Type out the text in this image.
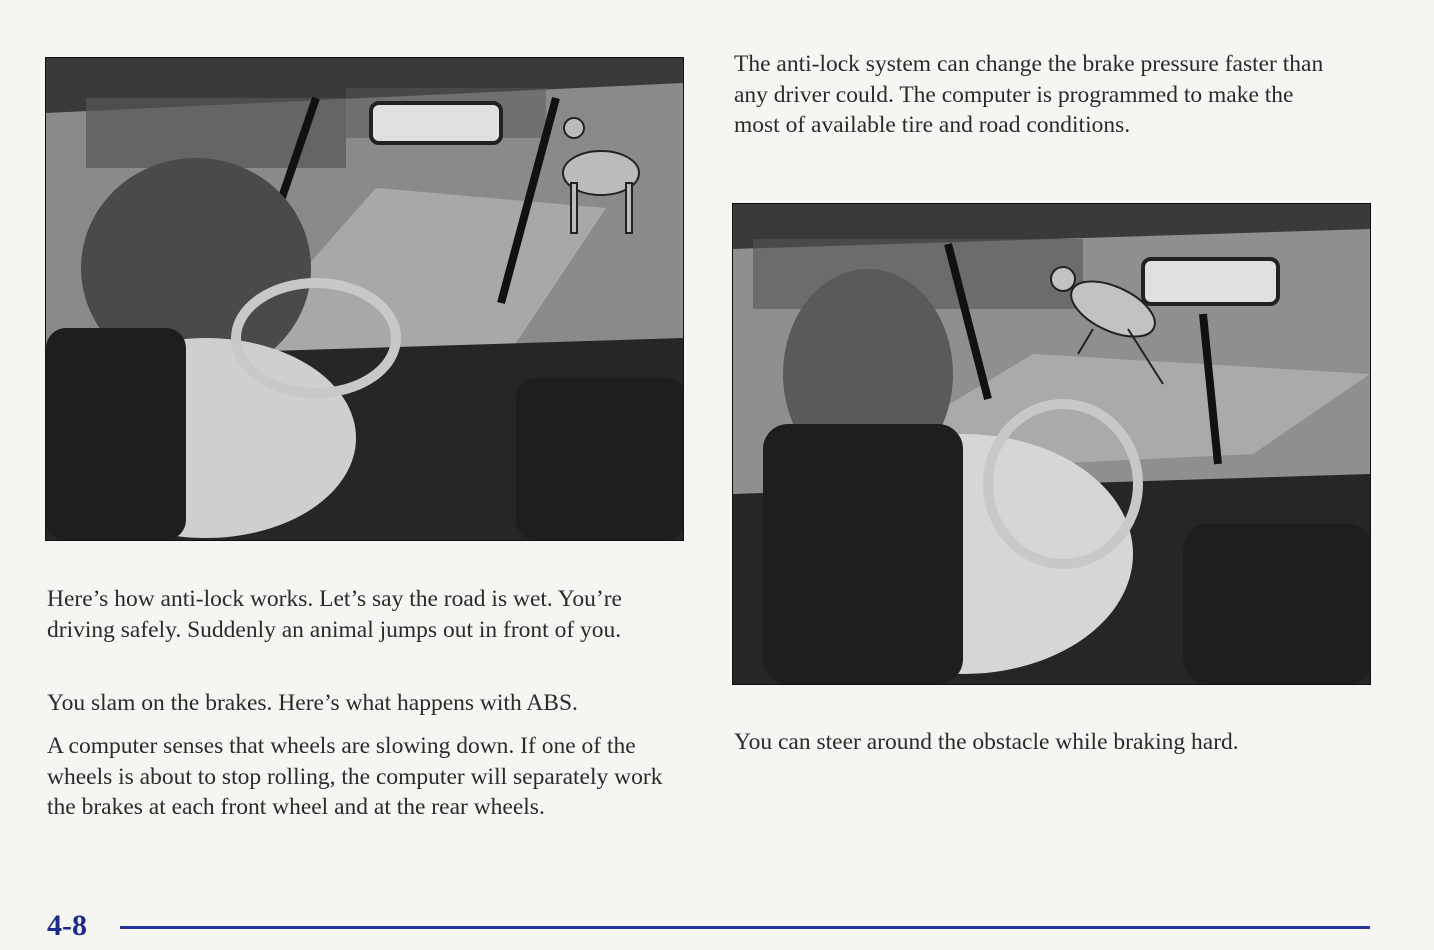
The anti-lock system can change the brake pressure faster than any driver could. The computer is programmed to make the most of available tire and road conditions.

Here’s how anti-lock works. Let’s say the road is wet. You’re driving safely. Suddenly an animal jumps out in front of you.

You slam on the brakes. Here’s what happens with ABS.

A computer senses that wheels are slowing down. If one of the wheels is about to stop rolling, the computer will separately work the brakes at each front wheel and at the rear wheels.

You can steer around the obstacle while braking hard.

4-8
